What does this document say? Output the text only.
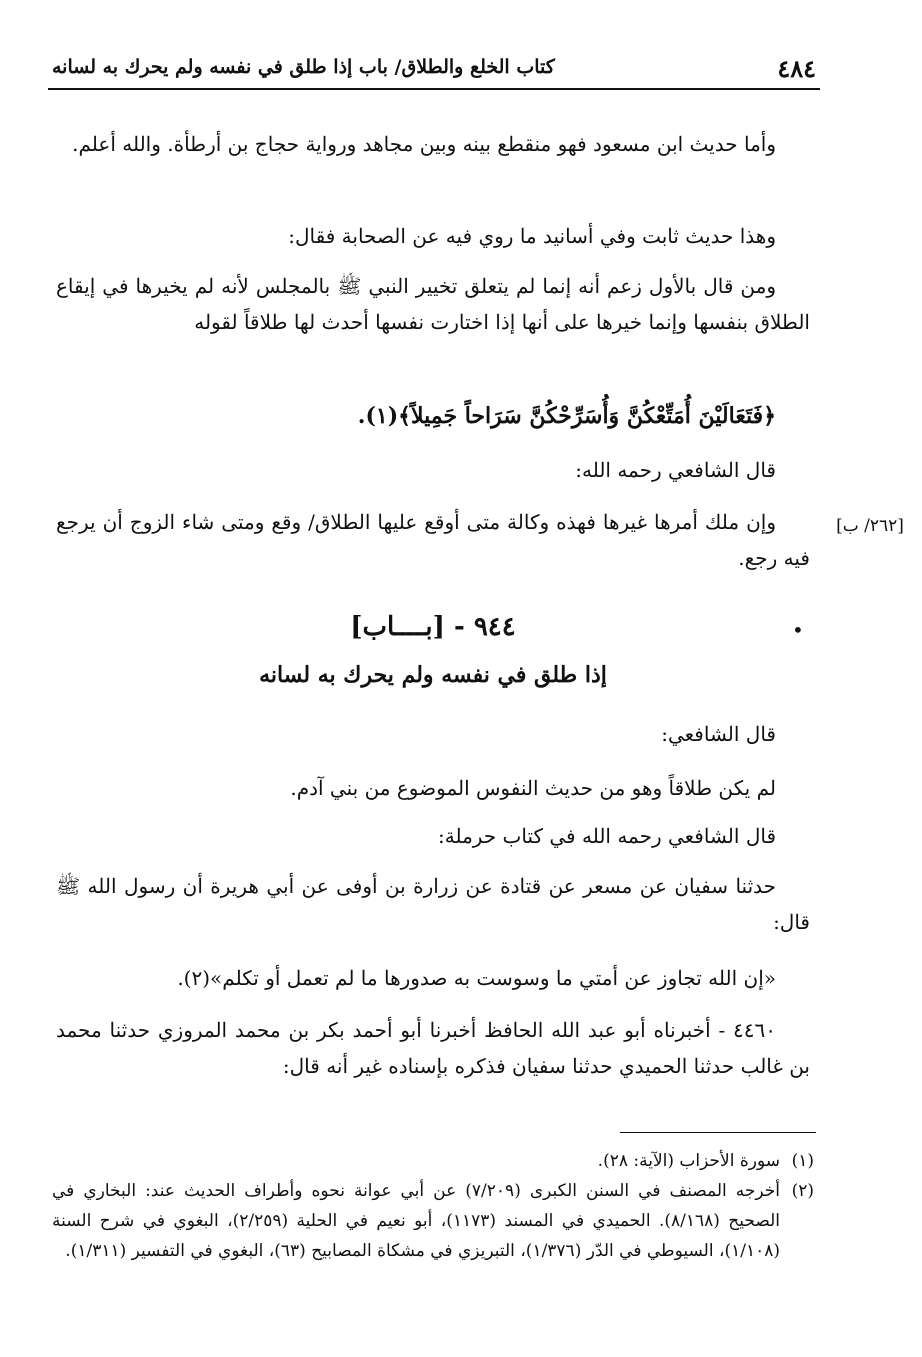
٤٨٤
كتاب الخلع والطلاق/ باب إذا طلق في نفسه ولم يحرك به لسانه
وأما حديث ابن مسعود فهو منقطع بينه وبين مجاهد ورواية حجاج بن أرطأة. والله أعلم.
وهذا حديث ثابت وفي أسانيد ما روي فيه عن الصحابة فقال:
ومن قال بالأول زعم أنه إنما لم يتعلق تخيير النبي ﷺ بالمجلس لأنه لم يخيرها في إيقاع الطلاق بنفسها وإنما خيرها على أنها إذا اختارت نفسها أحدث لها طلاقاً لقوله
﴿فَتَعَالَيْنَ أُمَتِّعْكُنَّ وَأُسَرِّحْكُنَّ سَرَاحاً جَمِيلاً﴾(١).
قال الشافعي رحمه الله:
وإن ملك أمرها غيرها فهذه وكالة متى أوقع عليها الطلاق/ وقع ومتى شاء الزوج أن يرجع فيه رجع.
[٢٦٢/ ب]
•
٩٤٤ - [بــــاب]
إذا طلق في نفسه ولم يحرك به لسانه
قال الشافعي:
لم يكن طلاقاً وهو من حديث النفوس الموضوع من بني آدم.
قال الشافعي رحمه الله في كتاب حرملة:
حدثنا سفيان عن مسعر عن قتادة عن زرارة بن أوفى عن أبي هريرة أن رسول الله ﷺ قال:
«إن الله تجاوز عن أمتي ما وسوست به صدورها ما لم تعمل أو تكلم»(٢).
٤٤٦٠ - أخبرناه أبو عبد الله الحافظ أخبرنا أبو أحمد بكر بن محمد المروزي حدثنا محمد بن غالب حدثنا الحميدي حدثنا سفيان فذكره بإسناده غير أنه قال:

(١)
سورة الأحزاب (الآية: ٢٨).

(٢)
أخرجه المصنف في السنن الكبرى (٧/٢٠٩) عن أبي عوانة نحوه وأطراف الحديث عند: البخاري في الصحيح (٨/١٦٨). الحميدي في المسند (١١٧٣)، أبو نعيم في الحلية (٢/٢٥٩)، البغوي في شرح السنة (١/١٠٨)، السيوطي في الدّر (١/٣٧٦)، التبريزي في مشكاة المصابيح (٦٣)، البغوي في التفسير (١/٣١١).
